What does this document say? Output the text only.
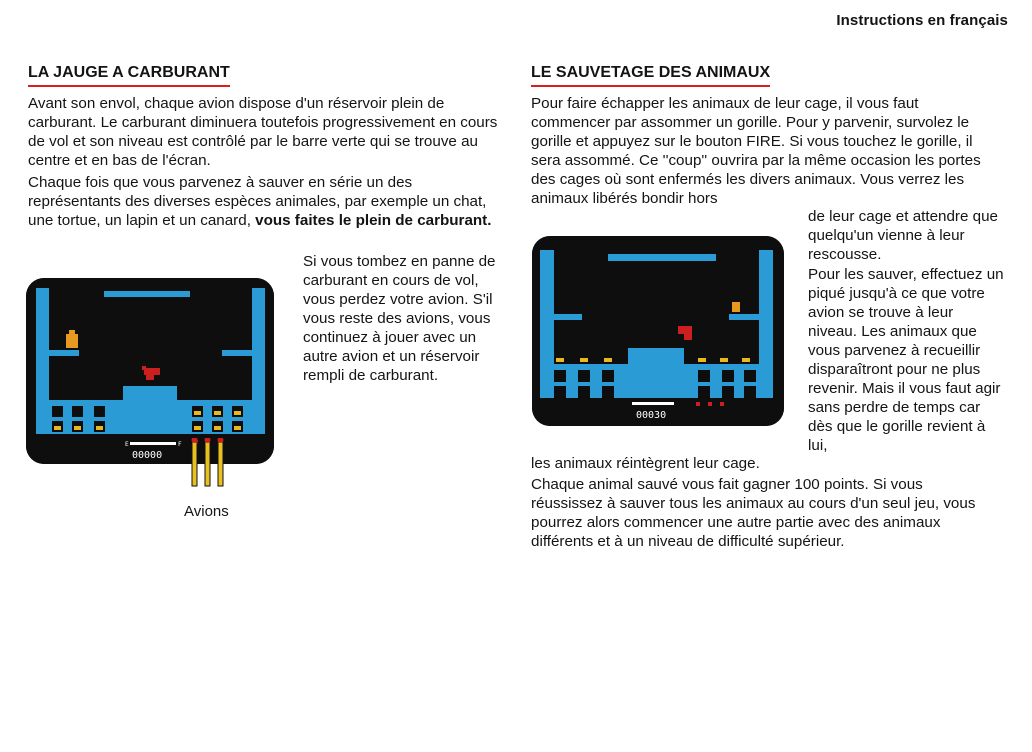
Instructions en français
LA JAUGE A CARBURANT

Avant son envol, chaque avion dispose d'un réservoir plein de carburant. Le carburant diminuera toutefois progressivement en cours de vol et son niveau est contrôlé par le barre verte qui se trouve au centre et en bas de l'écran.

Chaque fois que vous parvenez à sauver en série un des représentants des diverses espèces animales, par exemple un chat, une tortue, un lapin et un canard, vous faites le plein de carburant.

Si vous tombez en panne de carburant en cours de vol, vous perdez votre avion. S'il vous reste des avions, vous continuez à jouer avec un autre avion et un réservoir rempli de carburant.

E	F
00000
Avions
LE SAUVETAGE DES ANIMAUX

Pour faire échapper les animaux de leur cage, il vous faut commencer par assommer un gorille. Pour y parvenir, survolez le gorille et appuyez sur le bouton FIRE. Si vous touchez le gorille, il sera assommé. Ce ''coup'' ouvrira par la même occasion les portes des cages où sont enfermés les divers animaux. Vous verrez les animaux libérés bondir hors

de leur cage et attendre que quelqu'un vienne à leur rescousse.

00030

Pour les sauver, effectuez un piqué jusqu'à ce que votre avion se trouve à leur niveau. Les animaux que vous parvenez à recueillir disparaîtront pour ne plus revenir. Mais il vous faut agir sans perdre de temps car dès que le gorille revient à lui,

les animaux réintègrent leur cage.

Chaque animal sauvé vous fait gagner 100 points. Si vous réussissez à sauver tous les animaux au cours d'un seul jeu, vous pourrez alors commencer une autre partie avec des animaux différents et à un niveau de difficulté supérieur.
